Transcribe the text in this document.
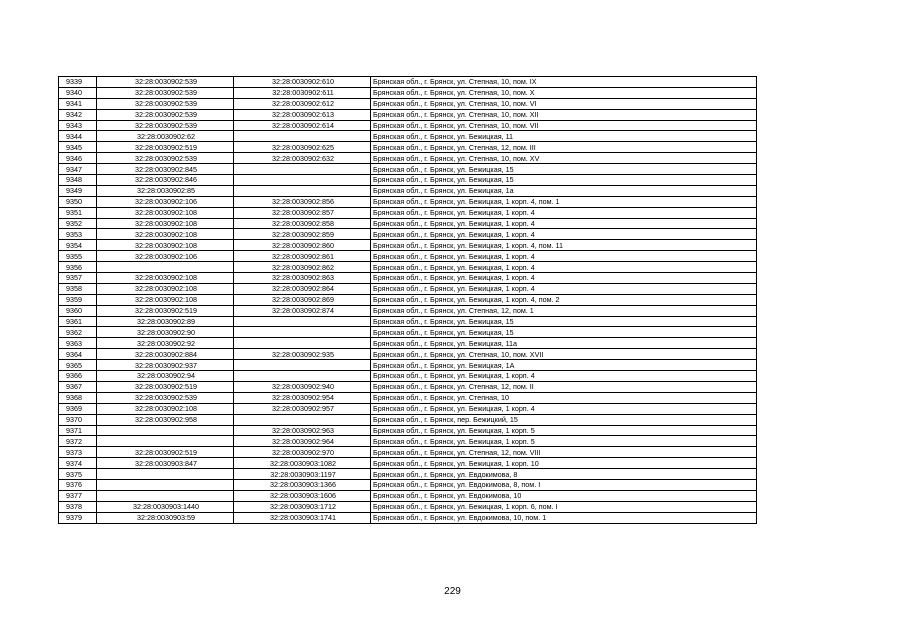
9339	32:28:0030902:539	32:28:0030902:610	Брянская обл., г. Брянск, ул. Степная, 10, пом. IX
9340	32:28:0030902:539	32:28:0030902:611	Брянская обл., г. Брянск, ул. Степная, 10, пом. X
9341	32:28:0030902:539	32:28:0030902:612	Брянская обл., г. Брянск, ул. Степная, 10, пом. VI
9342	32:28:0030902:539	32:28:0030902:613	Брянская обл., г. Брянск, ул. Степная, 10, пом. XII
9343	32:28:0030902:539	32:28:0030902:614	Брянская обл., г. Брянск, ул. Степная, 10, пом. VII
9344	32:28:0030902:62		Брянская обл., г. Брянск, ул. Бежицкая, 11
9345	32:28:0030902:519	32:28:0030902:625	Брянская обл., г. Брянск, ул. Степная, 12, пом. III
9346	32:28:0030902:539	32:28:0030902:632	Брянская обл., г. Брянск, ул. Степная, 10, пом. XV
9347	32:28:0030902:845		Брянская обл., г. Брянск, ул. Бежицкая, 15
9348	32:28:0030902:846		Брянская обл., г. Брянск, ул. Бежицкая, 15
9349	32:28:0030902:85		Брянская обл., г. Брянск, ул. Бежицкая, 1а
9350	32:28:0030902:106	32:28:0030902:856	Брянская обл., г. Брянск, ул. Бежицкая, 1 корп. 4, пом. 1
9351	32:28:0030902:108	32:28:0030902:857	Брянская обл., г. Брянск, ул. Бежицкая, 1 корп. 4
9352	32:28:0030902:108	32:28:0030902:858	Брянская обл., г. Брянск, ул. Бежицкая, 1 корп. 4
9353	32:28:0030902:108	32:28:0030902:859	Брянская обл., г. Брянск, ул. Бежицкая, 1 корп. 4
9354	32:28:0030902:108	32:28:0030902:860	Брянская обл., г. Брянск, ул. Бежицкая, 1 корп. 4, пом. 11
9355	32:28:0030902:106	32:28:0030902:861	Брянская обл., г. Брянск, ул. Бежицкая, 1 корп. 4
9356		32:28:0030902:862	Брянская обл., г. Брянск, ул. Бежицкая, 1 корп. 4
9357	32:28:0030902:108	32:28:0030902:863	Брянская обл., г. Брянск, ул. Бежицкая, 1 корп. 4
9358	32:28:0030902:108	32:28:0030902:864	Брянская обл., г. Брянск, ул. Бежицкая, 1 корп. 4
9359	32:28:0030902:108	32:28:0030902:869	Брянская обл., г. Брянск, ул. Бежицкая, 1 корп. 4, пом. 2
9360	32:28:0030902:519	32:28:0030902:874	Брянская обл., г. Брянск, ул. Степная, 12, пом. 1
9361	32:28:0030902:89		Брянская обл., г. Брянск, ул. Бежицкая, 15
9362	32:28:0030902:90		Брянская обл., г. Брянск, ул. Бежицкая, 15
9363	32:28:0030902:92		Брянская обл., г. Брянск, ул. Бежицкая, 11а
9364	32:28:0030902:884	32:28:0030902:935	Брянская обл., г. Брянск, ул. Степная, 10, пом. XVII
9365	32:28:0030902:937		Брянская обл., г. Брянск, ул. Бежицкая, 1А
9366	32:28:0030902:94		Брянская обл., г. Брянск, ул. Бежицкая, 1 корп. 4
9367	32:28:0030902:519	32:28:0030902:940	Брянская обл., г. Брянск, ул. Степная, 12, пом. II
9368	32:28:0030902:539	32:28:0030902:954	Брянская обл., г. Брянск, ул. Степная, 10
9369	32:28:0030902:108	32:28:0030902:957	Брянская обл., г. Брянск, ул. Бежицкая, 1 корп. 4
9370	32:28:0030902:958		Брянская обл., г. Брянск, пер. Бежицкий, 15
9371		32:28:0030902:963	Брянская обл., г. Брянск, ул. Бежицкая, 1 корп. 5
9372		32:28:0030902:964	Брянская обл., г. Брянск, ул. Бежицкая, 1 корп. 5
9373	32:28:0030902:519	32:28:0030902:970	Брянская обл., г. Брянск, ул. Степная, 12, пом. VIII
9374	32:28:0030903:847	32:28:0030903:1082	Брянская обл., г. Брянск, ул. Бежицкая, 1 корп. 10
9375		32:28:0030903:1197	Брянская обл., г. Брянск, ул. Евдокимова, 8
9376		32:28:0030903:1366	Брянская обл., г. Брянск, ул. Евдокимова, 8, пом. I
9377		32:28:0030903:1606	Брянская обл., г. Брянск, ул. Евдокимова, 10
9378	32:28:0030903:1440	32:28:0030903:1712	Брянская обл., г. Брянск, ул. Бежицкая, 1 корп. 6, пом. I
9379	32:28:0030903:59	32:28:0030903:1741	Брянская обл., г. Брянск, ул. Евдокимова, 10, пом. 1
229
